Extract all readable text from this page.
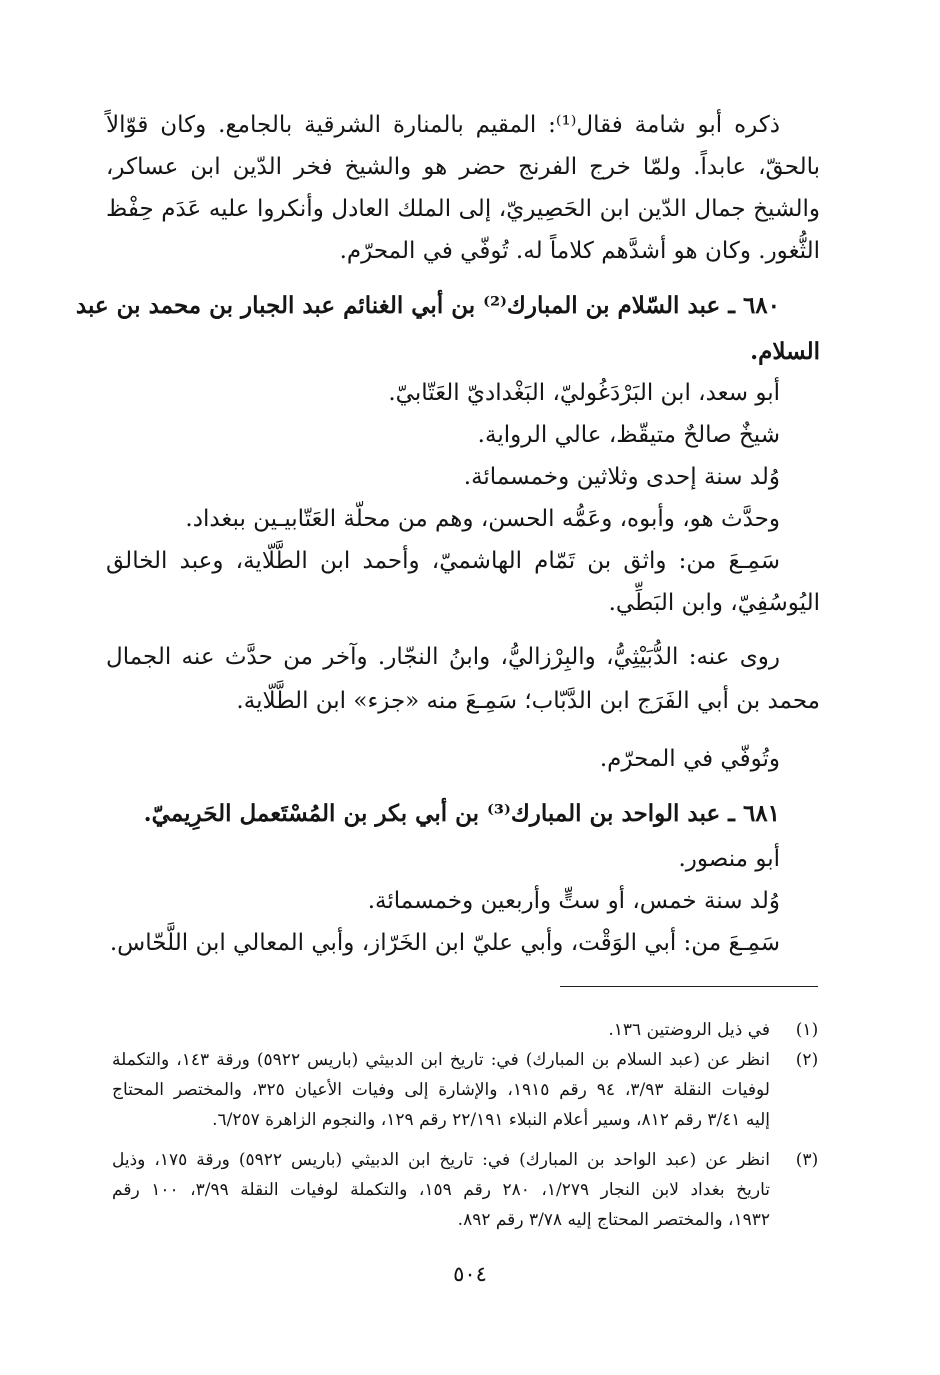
ذكره أبو شامة فقال⁽¹⁾: المقيم بالمنارة الشرقية بالجامع. وكان قوّالاً
بالحقّ، عابداً. ولمّا خرج الفرنج حضر هو والشيخ فخر الدّين ابن عساكر،
والشيخ جمال الدّين ابن الحَصِيريّ، إلى الملك العادل وأنكروا عليه عَدَم حِفْظ
الثُّغور. وكان هو أشدَّهم كلاماً له. تُوفّي في المحرّم.
٦٨٠ ـ عبد السّلام بن المبارك⁽²⁾ بن أبي الغنائم عبد الجبار بن محمد بن عبد
السلام.
أبو سعد، ابن البَرْدَغُوليّ، البَغْداديّ العَتّابيّ.
شيخٌ صالحٌ متيقّظ، عالي الرواية.
وُلد سنة إحدى وثلاثين وخمسمائة.
وحدَّث هو، وأبوه، وعَمُّه الحسن، وهم من محلّة العَتّابيـين ببغداد.
سَمِـعَ من: واثق بن تَمّام الهاشميّ، وأحمد ابن الطَّلّاية، وعبد الخالق
اليُوسُفِيّ، وابن البَطِّي.
روى عنه: الدُّبَيْثِيُّ، والبِرْزاليُّ، وابنُ النجّار. وآخر من حدَّث عنه الجمال
محمد بن أبي الفَرَج ابن الدَّبّاب؛ سَمِـعَ منه «جزء» ابن الطَّلّاية.
وتُوفّي في المحرّم.
٦٨١ ـ عبد الواحد بن المبارك⁽³⁾ بن أبي بكر بن المُسْتَعمل الحَرِيميّ.
أبو منصور.
وُلد سنة خمس، أو ستٍّ وأربعين وخمسمائة.
سَمِـعَ من: أبي الوَقْت، وأبي عليّ ابن الخَرّاز، وأبي المعالي ابن اللَّحّاس.
(١)
في ذيل الروضتين ١٣٦.
(٢)
انظر عن (عبد السلام بن المبارك) في: تاريخ ابن الدبيثي (باريس ٥٩٢٢) ورقة ١٤٣، والتكملة
لوفيات النقلة ٣/٩٣، ٩٤ رقم ١٩١٥، والإشارة إلى وفيات الأعيان ٣٢٥، والمختصر المحتاج
إليه ٣/٤١ رقم ٨١٢، وسير أعلام النبلاء ٢٢/١٩١ رقم ١٢٩، والنجوم الزاهرة ٦/٢٥٧.
(٣)
انظر عن (عبد الواحد بن المبارك) في: تاريخ ابن الدبيثي (باريس ٥٩٢٢) ورقة ١٧٥، وذيل
تاريخ بغداد لابن النجار ١/٢٧٩، ٢٨٠ رقم ١٥٩، والتكملة لوفيات النقلة ٣/٩٩، ١٠٠ رقم
١٩٣٢، والمختصر المحتاج إليه ٣/٧٨ رقم ٨٩٢.
٥٠٤
